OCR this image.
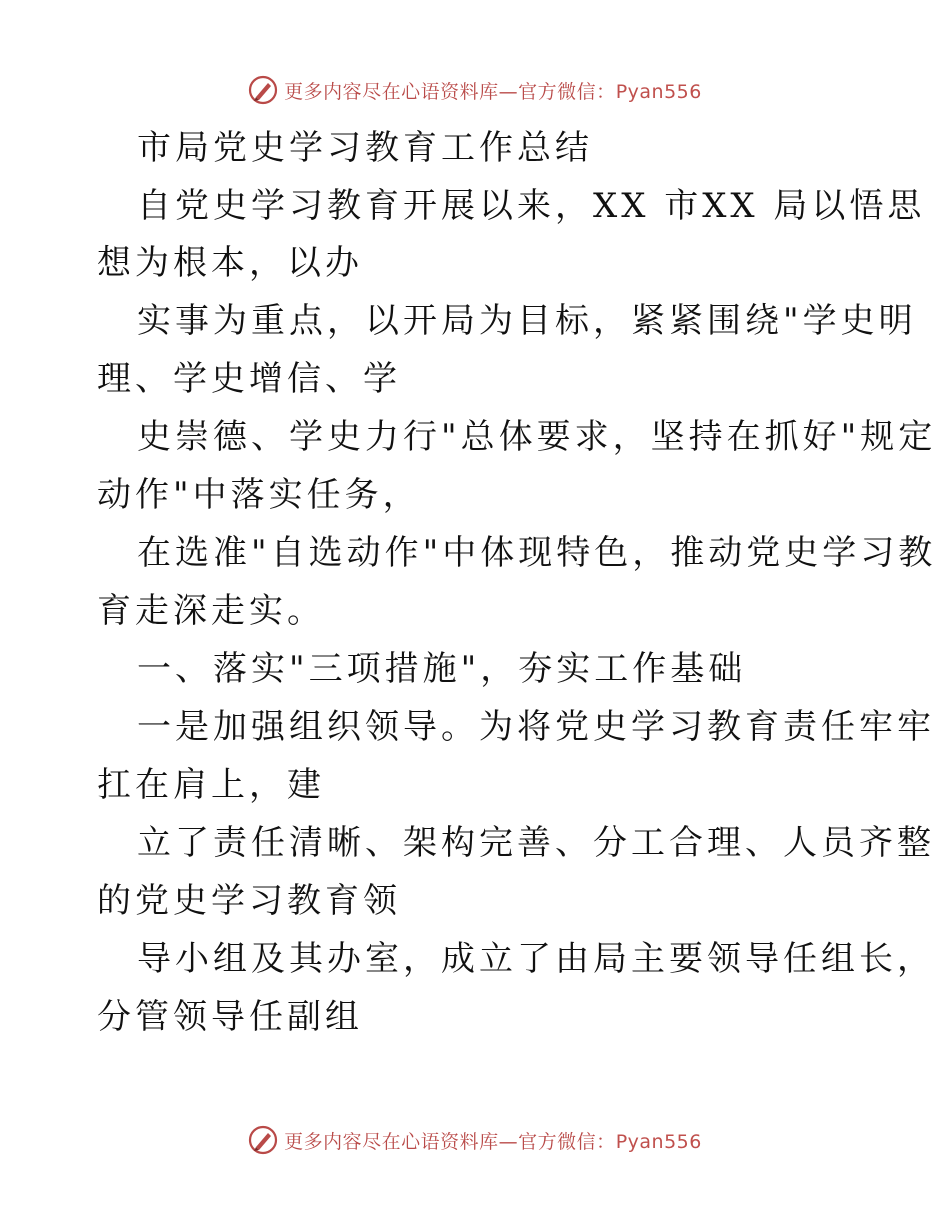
更多内容尽在心语资料库—官方微信：Pyan556
市局党史学习教育工作总结
自党史学习教育开展以来，XX 市XX 局以悟思
想为根本，以办
实事为重点，以开局为目标，紧紧围绕"学史明
理、学史增信、学
史崇德、学史力行"总体要求，坚持在抓好"规定
动作"中落实任务，
在选准"自选动作"中体现特色，推动党史学习教
育走深走实。
一、落实"三项措施"，夯实工作基础
一是加强组织领导。为将党史学习教育责任牢牢
扛在肩上，建
立了责任清晰、架构完善、分工合理、人员齐整
的党史学习教育领
导小组及其办室，成立了由局主要领导任组长，
分管领导任副组
更多内容尽在心语资料库—官方微信：Pyan556
